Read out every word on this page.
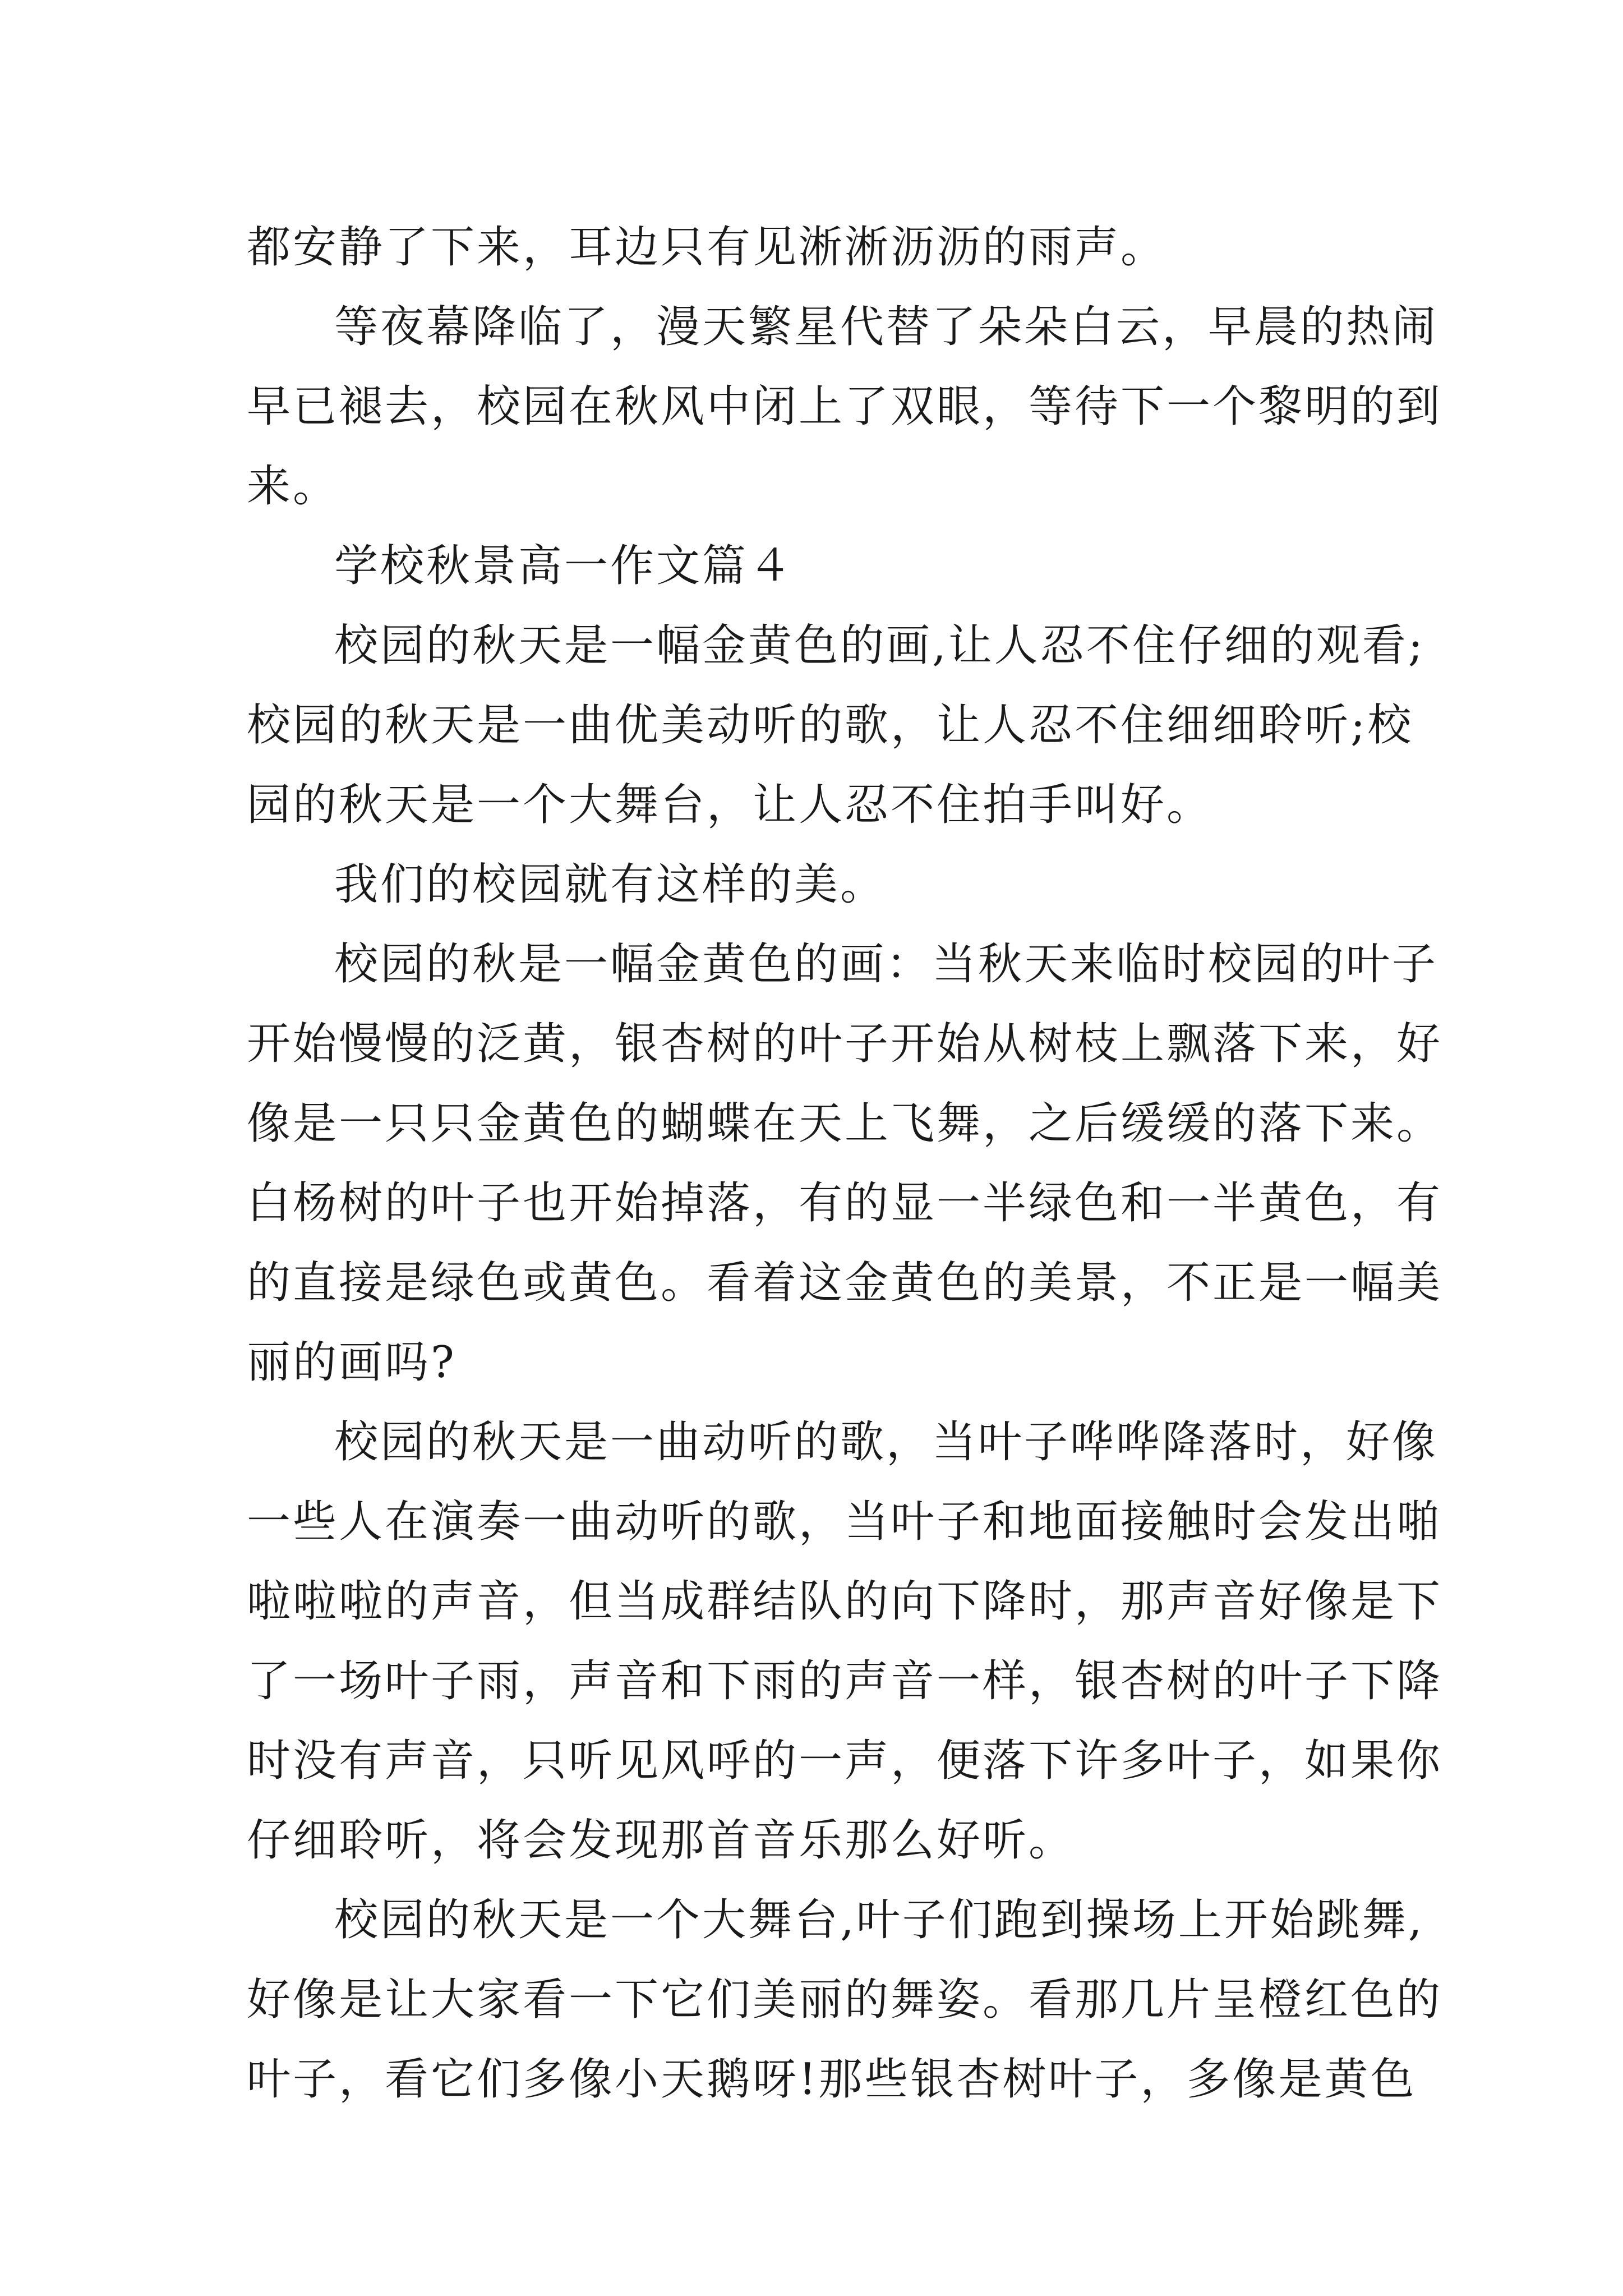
都安静了下来，耳边只有见淅淅沥沥的雨声。
等夜幕降临了，漫天繁星代替了朵朵白云，早晨的热闹
早已褪去，校园在秋风中闭上了双眼，等待下一个黎明的到
来。
学校秋景高一作文篇４
校园的秋天是一幅金黄色的画,让人忍不住仔细的观看;
校园的秋天是一曲优美动听的歌，让人忍不住细细聆听;校
园的秋天是一个大舞台，让人忍不住拍手叫好。
我们的校园就有这样的美。
校园的秋是一幅金黄色的画：当秋天来临时校园的叶子
开始慢慢的泛黄，银杏树的叶子开始从树枝上飘落下来，好
像是一只只金黄色的蝴蝶在天上飞舞，之后缓缓的落下来。
白杨树的叶子也开始掉落，有的显一半绿色和一半黄色，有
的直接是绿色或黄色。看着这金黄色的美景，不正是一幅美
丽的画吗?
校园的秋天是一曲动听的歌，当叶子哗哗降落时，好像
一些人在演奏一曲动听的歌，当叶子和地面接触时会发出啪
啦啦啦的声音，但当成群结队的向下降时，那声音好像是下
了一场叶子雨，声音和下雨的声音一样，银杏树的叶子下降
时没有声音，只听见风呼的一声，便落下许多叶子，如果你
仔细聆听，将会发现那首音乐那么好听。
校园的秋天是一个大舞台,叶子们跑到操场上开始跳舞,
好像是让大家看一下它们美丽的舞姿。看那几片呈橙红色的
叶子，看它们多像小天鹅呀!那些银杏树叶子，多像是黄色
